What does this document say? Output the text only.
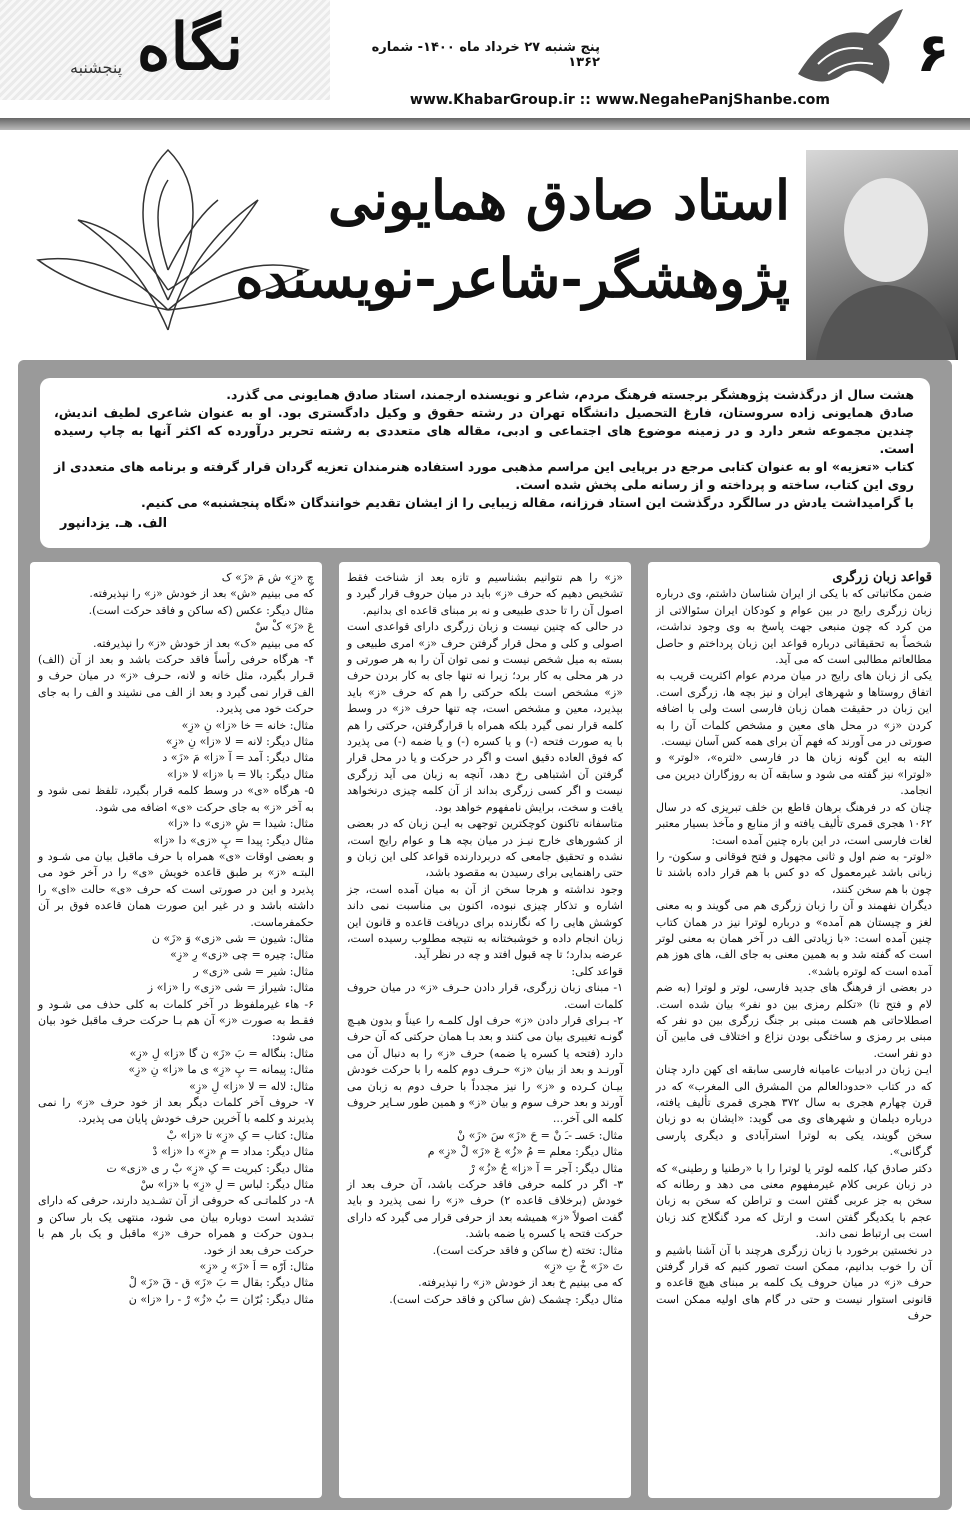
نگاه
پنجشنبه	۶
پنج شنبه ۲۷ خرداد ماه ۱۴۰۰- شماره ۱۳۶۲
www.KhabarGroup.ir :: www.NegahePanjShanbe.com
استاد صادق همایونی
پژوهشگر-شاعر-نویسنده

هشت سال از درگذشت پژوهشگر برجسته فرهنگ مردم، شاعر و نویسنده ارجمند، استاد صادق همایونی می گذرد.

صادق همایونی زاده سروستان، فارغ التحصیل دانشگاه تهران در رشته حقوق و وکیل دادگستری بود. او به عنوان شاعری لطیف اندیش، چندین مجموعه شعر دارد و در زمینه موضوع های اجتماعی و ادبی، مقاله های متعددی به رشته تحریر درآورده که اکثر آنها به چاپ رسیده است.

کتاب «تعزیه» او به عنوان کتابی مرجع در برپایی این مراسم مذهبی مورد استفاده هنرمندان تعزیه گردان قرار گرفته و برنامه های متعددی از روی این کتاب، ساخته و پرداخته و از رسانه ملی پخش شده است.

با گرامیداشت یادش در سالگرد درگذشت این استاد فرزانه، مقاله زیبایی را از ایشان تقدیم خوانندگان «نگاه پنجشنبه» می کنیم.

الف. هـ. یزدانپور

قواعد زبان زرگری

ضمن مکاتباتی که با یکی از ایران شناسان داشتم، وی درباره زبان زرگری رایج در بین عوام و کودکان ایران سئوالاتی از من کرد که چون منبعی جهت پاسخ به وی وجود نداشت، شخصاً به تحقیقاتی درباره قواعد این زبان پرداختم و حاصل مطالعاتم مطالبی است که می آید.

یکی از زبان های رایج در میان مردم عوام اکثریت قریب به اتفاق روستاها و شهرهای ایران و نیز بچه ها، زرگری است. این زبان در حقیقت همان زبان فارسی است ولی با اضافه کردن «ز» در محل های معین و مشخص کلمات آن را به صورتی در می آورند که فهم آن برای همه کس آسان نیست.

البته به این گونه زبان ها در فارسی «لتره»، «لوتر» و «لوترا» نیز گفته می شود و سابقه آن به روزگاران دیرین می انجامد.

چنان که در فرهنگ برهان قاطع بن خلف تبریزی که در سال ۱۰۶۲ هجری قمری تألیف یافته و از منابع و مآخذ بسیار معتبر لغات فارسی است، در این باره چنین آمده است:

«لوتر- به ضم اول و ثانی مجهول و فتح فوقانی و سکون- را زبانی باشد غیرمعمول که دو کس با هم قرار داده باشند تا چون با هم سخن کنند،

دیگران نفهمند و آن را زبان زرگری هم می گویند و به معنی لغز و چیستان هم آمده» و درباره لوترا نیز در همان کتاب چنین آمده است: «با زیادتی الف در آخر همان به معنی لوتر است که گفته شد و به همین معنی به جای الف، های هوز هم آمده است که لوتره باشد».

در بعضی از فرهنگ های جدید فارسی، لوتر و لوترا (به ضم لام و فتح تا) «تکلم رمزی بین دو نفر» بیان شده است. اصطلاحاتی هم هست مبنی بر جنگ زرگری بین دو نفر که مبنی بر رمزی و ساختگی بودن نزاع و اختلاف فی مابین آن دو نفر است.

ایـن زبان در ادبیات عامیانه فارسی سابقه ای کهن دارد چنان که در کتاب «حدودالعالم من المشرق الی المغرب» که در قرن چهارم هجری به سال ۳۷۲ هجری قمری تألیف یافته، درباره دیلمان و شهرهای وی می گوید: «ایشان به دو زبان سخن گویند، یکی به لوترا استرآبادی و دیگری پارسی گرگانی».

دکتر صادق کیا، کلمه لوتر یا لوترا را با «رطنیا و رطینی» که در زبان عربی کلام غیرمفهوم معنی می دهد و رطانه که سخن به جز عربی گفتن است و تراطن که سخن به زبان عجم با یکدیگر گفتن است و ارتل که مرد گنگلاج کند زبان است بی ارتباط نمی داند.

در نخستین برخورد با زبان زرگری هرچند با آن آشنا باشیم و آن را خوب بدانیم، ممکن است تصور کنیم که قرار گرفتن حرف «ز» در میان حروف یک کلمه بر مبنای هیچ قاعده و قانونی استوار نیست و حتی در گام های اولیه ممکن است حرف

«ز» را هم نتوانیم بشناسیم و تازه بعد از شناخت فقط تشخیص دهیم که حرف «ز» باید در میان حروف قرار گیرد و اصول آن را تا حدی طبیعی و نه بر مبنای قاعده ای بدانیم.

در حالی که چنین نیست و زبان زرگری دارای قواعدی است اصولی و کلی و محل قرار گرفتن حرف «ز» امری طبیعی و بسته به میل شخص نیست و نمی توان آن را به هر صورتی و در هر محلی به کار برد؛ زیرا نه تنها جای به کار بردن حرف «ز» مشخص است بلکه حرکتی را هم که حرف «ز» باید بپذیرد، معین و مشخص است، چه تنها حرف «ز» در وسط کلمه قرار نمی گیرد بلکه همراه با قرارگرفتن، حرکتی را هم با یه صورت فتحه (-) و یا کسره (-) و یا ضمه (-) می پذیرد که فوق العاده دقیق است و اگر در حرکت و یا در محل قرار گرفتن آن اشتباهی رخ دهد، آنچه به زبان می آید زرگری نیست و اگر کسی زرگری بداند از آن کلمه چیزی درنخواهد یافت و سخت، برایش نامفهوم خواهد بود.

متاسفانه تاکنون کوچکترین توجهی به ایـن زبان که در بعضی از کشورهای خارج نیـز در میان بچه هـا و عوام رایج است، نشده و تحقیق جامعی که دربردارنده قواعد کلی این زبان و حتی راهنمایی برای رسیدن به مقصود باشد،

وجود نداشته و هرجا سخن از آن به میان آمده است، جز اشاره و تذکار چیزی نبوده، اکنون بی مناسبت نمی داند کوشش هایی را که نگارنده برای دریافت قاعده و قانون این زبان انجام داده و خوشبختانه به نتیجه مطلوب رسیده است، عرضه بدارد؛ تا چه قبول افتد و چه در نظر آید.

قواعد کلی:

۱- مبنای زبان زرگری، قرار دادن حـرف «ز» در میان حروف کلمات است.

۲- بـرای قرار دادن «ز» حرف اول کلمـه را عیناً و بدون هیـچ گونـه تغییری بیان می کنند و بعد بـا همان حرکتی که آن حرف دارد (فتحه یا کسره یا ضمه) حرف «ز» را به دنبال آن می آورنـد و بعد از بیان «ز» حـرف دوم کلمه را با حرکت خودش بیـان کـرده و «ز» را نیز مجدداً با حرف دوم به زبان می آورند و بعد حرف سوم و بیان «ز» و همین طور سـایر حروف کلمه الی آخر...

مثال: حَسـ -ـَ نْ = حَ «زَ» سَ «زَ» نْ

مثال دیگر: معلم = مُ «زُ» عَ «زَ» لْ «زِ» م

مثال دیگر: آجر = آ «زا» جُ «زُ» رْ

۳- اگر در کلمه حرفی فاقد حرکت باشد، آن حرف بعد از خودش (برخلاف قاعده ۲) حرف «ز» را نمی پذیرد و باید گفت اصولاً «ز» همیشه بعد از حرفی قرار می گیرد که دارای حرکت فتحه یا کسره یا ضمه باشد.

مثال: تخته (خ ساکن و فاقد حرکت است).

تَ «زَ» خْ تِ «زِ»

که می بینیم خ بعد از خودش «ز» را نپذیرفته.

مثال دیگر: چشمک (ش ساکن و فاقد حرکت است).

چِ «زِ» ش مَ «زَ» ک

که می بینیم «ش» بعد از خودش «ز» را نپذیرفته.

مثال دیگر: عکس (که ساکن و فاقد حرکت است).

عَ «زَ» کْ سْ

که می بینیم «ک» بعد از خودش «ز» را نپذیرفته.

۴- هرگاه حرفی رأساً فاقد حرکت باشد و بعد از آن (الف) قـرار بگیرد، مثل خانه و لانه، حـرف «ز» در میان حرف و الف قرار نمی گیرد و بعد از الف می نشیند و الف را به جای حرکت خود می پذیرد.

مثال: خانه = خا «زا» نِ «زِ»

مثال دیگر: لانه = لا «زا» نِ «زِ»

مثال دیگر: آمد = آ «زا» مَ «زَ» د

مثال دیگر: بالا = با «زا» لا «زا»

۵- هرگاه «ی» در وسط کلمه قرار بگیرد، تلفظ نمی شود و به آخر «ز» به جای حرکت «ی» اضافه می شود.

مثال: شیدا = شِ «زی» دا «زا»

مثال دیگر: پیدا = پِ «زی» دا «زا»

و بعضی اوقات «ی» همراه با حرف ماقبل بیان می شـود و البتـه «ز» بر طبق قاعده خویش «ی» را در آخر خود می پذیرد و این در صورتی است که حرف «ی» حالت «ای» را داشته باشد و در غیر این صورت همان قاعده فوق بر آن حکمفرماست.

مثال: شیون = شی «زی» وَ «زَ» ن

مثال: چیره = چی «زی» رِ «زِ»

مثال: شیر = شی «زی» ر

مثال: شیراز = شی «زی» را «زا» ز

۶- هاء غیرملفوظ در آخر کلمات به کلی حذف می شـود و فقـط به صورت «ز» آن هم بـا حرکت حرف ماقبل خود بیان می شود:

مثال: بنگاله = بَ «زَ» ن گا «زا» لِ «زِ»

مثال: پیمانه = پِ «زِ» ی ما «زا» نِ «زِ»

مثال: لاله = لا «زا» لِ «زِ»

۷- حروف آخر کلمات دیگر بعد از خود حرف «ز» را نمی پذیرند و کلمه با آخرین حرف خودش پایان می پذیرد.

مثال: کتاب = کِ «زِ» تا «زا» بْ

مثال دیگر: مداد = مِ «زِ» دا «زا» دْ

مثال دیگر: کبریت = کِ «زِ» بْ ر ی «زی» ت

مثال دیگر: لباس = لِ «زِ» با «زا» سْ

۸- در کلماتـی که حروفی از آن تشـدید دارند، حرفی که دارای تشدید است دوباره بیان می شود، منتهی یک بار ساکن و بـدون حرکت و همراه حرف «ز» ماقبل و یک بار هم با حرکت حرف بعد از خود.

مثال: اَرّه = اَ «زَ» رِ «زِ»

مثال دیگر: بقال = بَ «زَ» ق - قَ «زَ» لْ

مثال دیگر: بُرّان = بُ «زُ» رْ - را «زا» ن
